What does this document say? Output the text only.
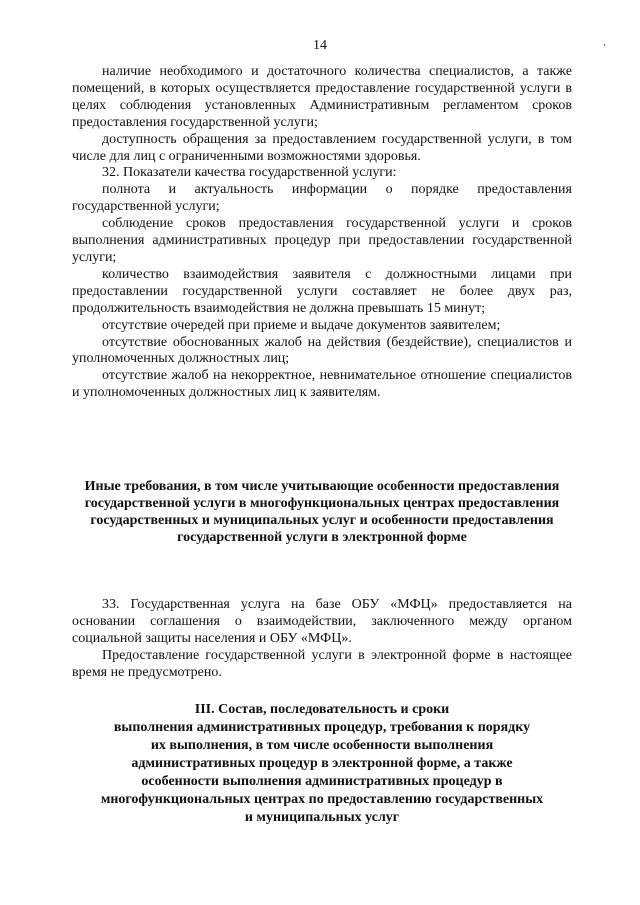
14

наличие необходимого и достаточного количества специалистов, а также помещений, в которых осуществляется предоставление государственной услуги в целях соблюдения установленных Административным регламентом сроков предоставления государственной услуги;

доступность обращения за предоставлением государственной услуги, в том числе для лиц с ограниченными возможностями здоровья.

32. Показатели качества государственной услуги:

полнота и актуальность информации о порядке предоставления государственной услуги;

соблюдение сроков предоставления государственной услуги и сроков выполнения административных процедур при предоставлении государственной услуги;

количество взаимодействия заявителя с должностными лицами при предоставлении государственной услуги составляет не более двух раз, продолжительность взаимодействия не должна превышать 15 минут;

отсутствие очередей при приеме и выдаче документов заявителем;

отсутствие обоснованных жалоб на действия (бездействие), специалистов и уполномоченных должностных лиц;

отсутствие жалоб на некорректное, невнимательное отношение специалистов и уполномоченных должностных лиц к заявителям.

Иные требования, в том числе учитывающие особенности предоставления государственной услуги в многофункциональных центрах предоставления государственных и муниципальных услуг и особенности предоставления государственной услуги в электронной форме

33. Государственная услуга на базе ОБУ «МФЦ» предоставляется на основании соглашения о взаимодействии, заключенного между органом социальной защиты населения и ОБУ «МФЦ».

Предоставление государственной услуги в электронной форме в настоящее время не предусмотрено.

III. Состав, последовательность и сроки
выполнения административных процедур, требования к порядку
их выполнения, в том числе особенности выполнения
административных процедур в электронной форме, а также
особенности выполнения административных процедур в
многофункциональных центрах по предоставлению государственных
и муниципальных услуг
